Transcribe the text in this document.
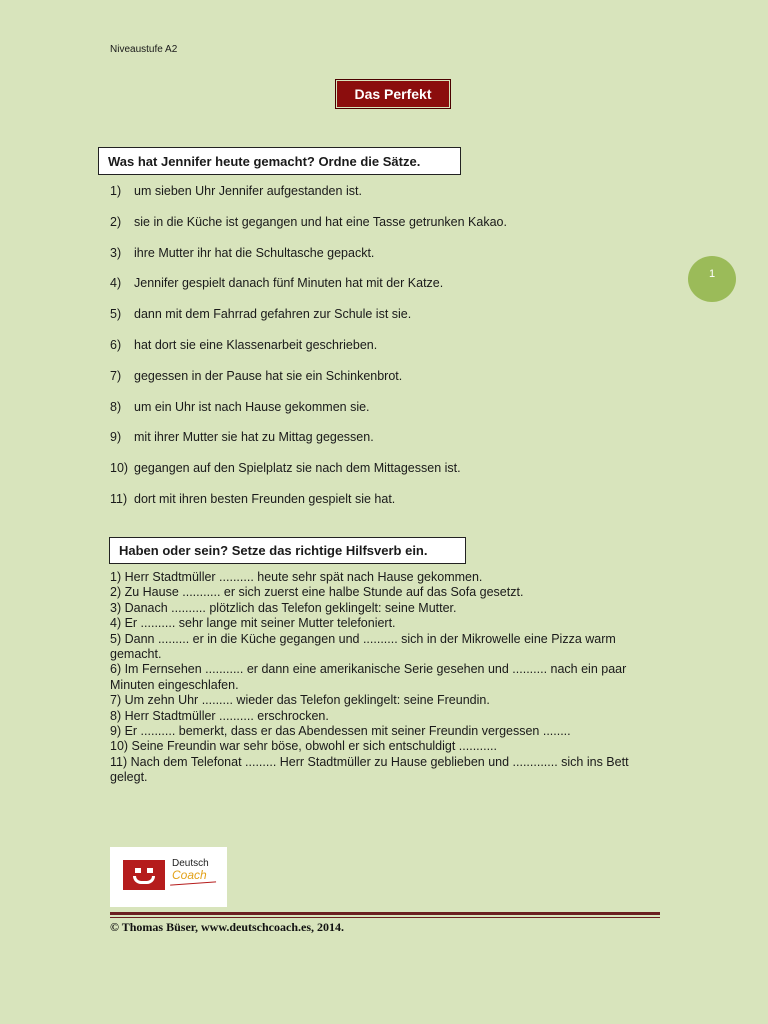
Niveaustufe A2
Das Perfekt
Was hat Jennifer heute gemacht? Ordne die Sätze.
1)	um sieben Uhr Jennifer aufgestanden ist.
2)	sie in die Küche ist gegangen und hat eine Tasse getrunken Kakao.
3)	ihre Mutter ihr hat die Schultasche gepackt.
4)	Jennifer gespielt danach fünf Minuten hat mit der Katze.
5)	dann mit dem Fahrrad gefahren zur Schule ist sie.
6)	hat dort sie eine Klassenarbeit geschrieben.
7)	gegessen in der Pause hat sie ein Schinkenbrot.
8)	um ein Uhr ist nach Hause gekommen sie.
9)	mit ihrer Mutter sie hat zu Mittag gegessen.
10) gegangen auf den Spielplatz sie nach dem Mittagessen ist.
11) dort mit ihren besten Freunden gespielt sie hat.
1
Haben oder sein? Setze das richtige Hilfsverb ein.
1) Herr Stadtmüller .......... heute sehr spät nach Hause gekommen.
2) Zu Hause ........... er sich zuerst eine halbe Stunde auf das Sofa gesetzt.
3) Danach .......... plötzlich das Telefon geklingelt: seine Mutter.
4) Er .......... sehr lange mit seiner Mutter telefoniert.
5) Dann ......... er in die Küche gegangen und .......... sich in der Mikrowelle eine Pizza warm gemacht.
6) Im Fernsehen ........... er dann eine amerikanische Serie gesehen und .......... nach ein paar Minuten eingeschlafen.
7) Um zehn Uhr ......... wieder das Telefon geklingelt: seine Freundin.
8) Herr Stadtmüller .......... erschrocken.
9) Er .......... bemerkt, dass er das Abendessen mit seiner Freundin vergessen ........
10) Seine Freundin war sehr böse, obwohl er sich entschuldigt ...........
11) Nach dem Telefonat ......... Herr Stadtmüller zu Hause geblieben und ............. sich ins Bett gelegt.
Deutsch
Coach
© Thomas Büser, www.deutschcoach.es, 2014.
